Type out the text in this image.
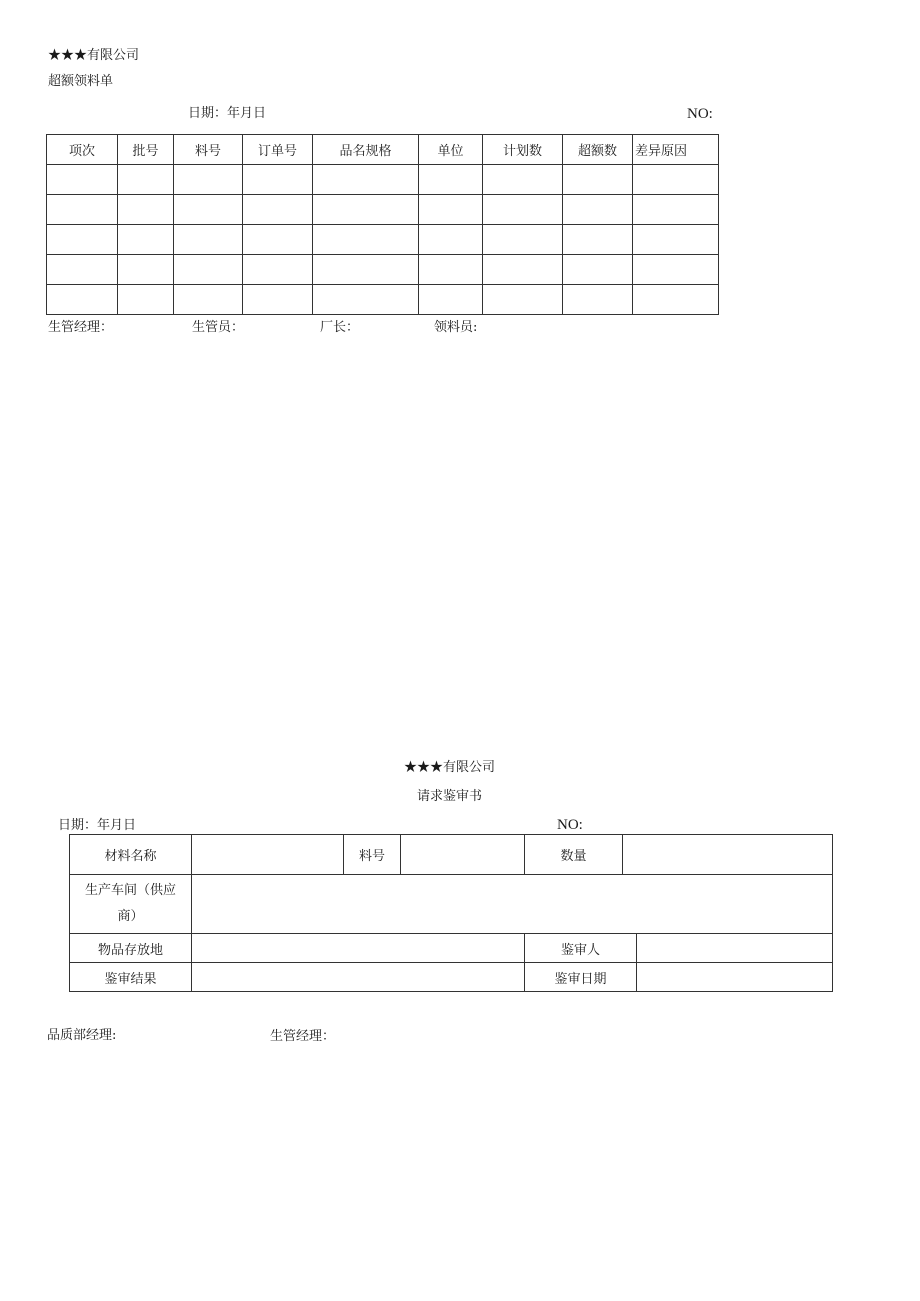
★★★有限公司
超额领料单
日期：年月日	NO:
项次	批号	料号	订单号	品名规格	单位	计划数	超额数	差异原因

生管经理：	生管员：	厂长：	领料员:
★★★有限公司
请求鉴审书
日期：年月日	NO:
材料名称		料号		数量		

生产车间（供应
商）						

物品存放地				鉴审人		
鉴审结果				鉴审日期		
品质部经理:	生管经理：
